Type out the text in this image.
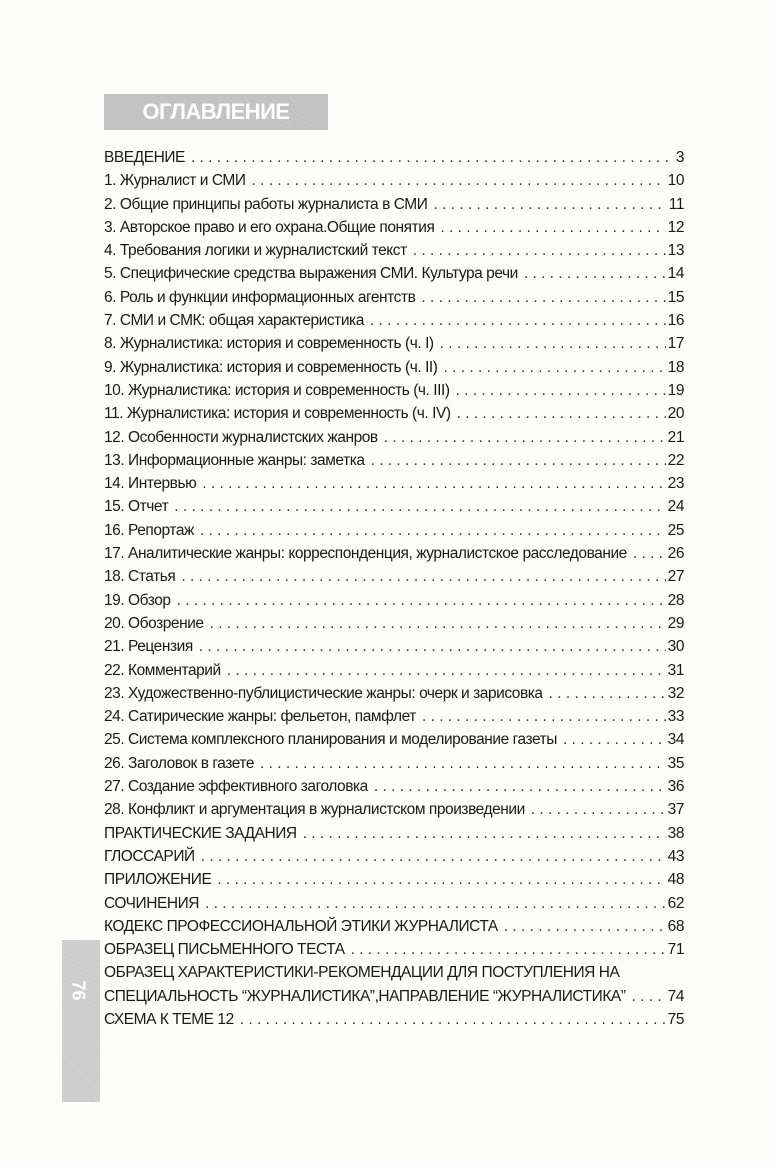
ОГЛАВЛЕНИЕ
ВВЕДЕНИЕ . . .	3
1. Журналист и СМИ . . .	10
2. Общие принципы работы журналиста в СМИ . . .	11
3. Авторское право и его охрана.Общие понятия . . .	12
4. Требования логики и журналистский текст . . .	13
5. Специфические средства выражения СМИ. Культура речи . . .	14
6. Роль и функции информационных агентств . . .	15
7. СМИ и СМК: общая характеристика . . .	16
8. Журналистика: история и современность (ч. I) . . .	17
9. Журналистика: история и современность (ч. II) . . .	18
10. Журналистика: история и современность (ч. III) . . .	19
11. Журналистика: история и современность (ч. IV) . . .	20
12. Особенности журналистских жанров . . .	21
13. Информационные жанры: заметка . . .	22
14. Интервью . . .	23
15. Отчет . . .	24
16. Репортаж . . .	25
17. Аналитические жанры: корреспонденция, журналистское расследование . . .	26
18. Статья . . .	27
19. Обзор . . .	28
20. Обозрение . . .	29
21. Рецензия . . .	30
22. Комментарий . . .	31
23. Художественно-публицистические жанры: очерк и зарисовка . . .	32
24. Сатирические жанры: фельетон, памфлет . . .	33
25. Система комплексного планирования и моделирование газеты . . .	34
26. Заголовок в газете . . .	35
27. Создание эффективного заголовка . . .	36
28. Конфликт и аргументация в журналистском произведении . . .	37
ПРАКТИЧЕСКИЕ ЗАДАНИЯ . . .	38
ГЛОССАРИЙ . . .	43
ПРИЛОЖЕНИЕ . . .	48
СОЧИНЕНИЯ . . .	62
КОДЕКС ПРОФЕССИОНАЛЬНОЙ ЭТИКИ ЖУРНАЛИСТА . . .	68
ОБРАЗЕЦ ПИСЬМЕННОГО ТЕСТА . . .	71
ОБРАЗЕЦ ХАРАКТЕРИСТИКИ-РЕКОМЕНДАЦИИ ДЛЯ ПОСТУПЛЕНИЯ НА
СПЕЦИАЛЬНОСТЬ “ЖУРНАЛИСТИКА”,НАПРАВЛЕНИЕ “ЖУРНАЛИСТИКА” . . .	74
СХЕМА К ТЕМЕ 12 . . .	75
76
